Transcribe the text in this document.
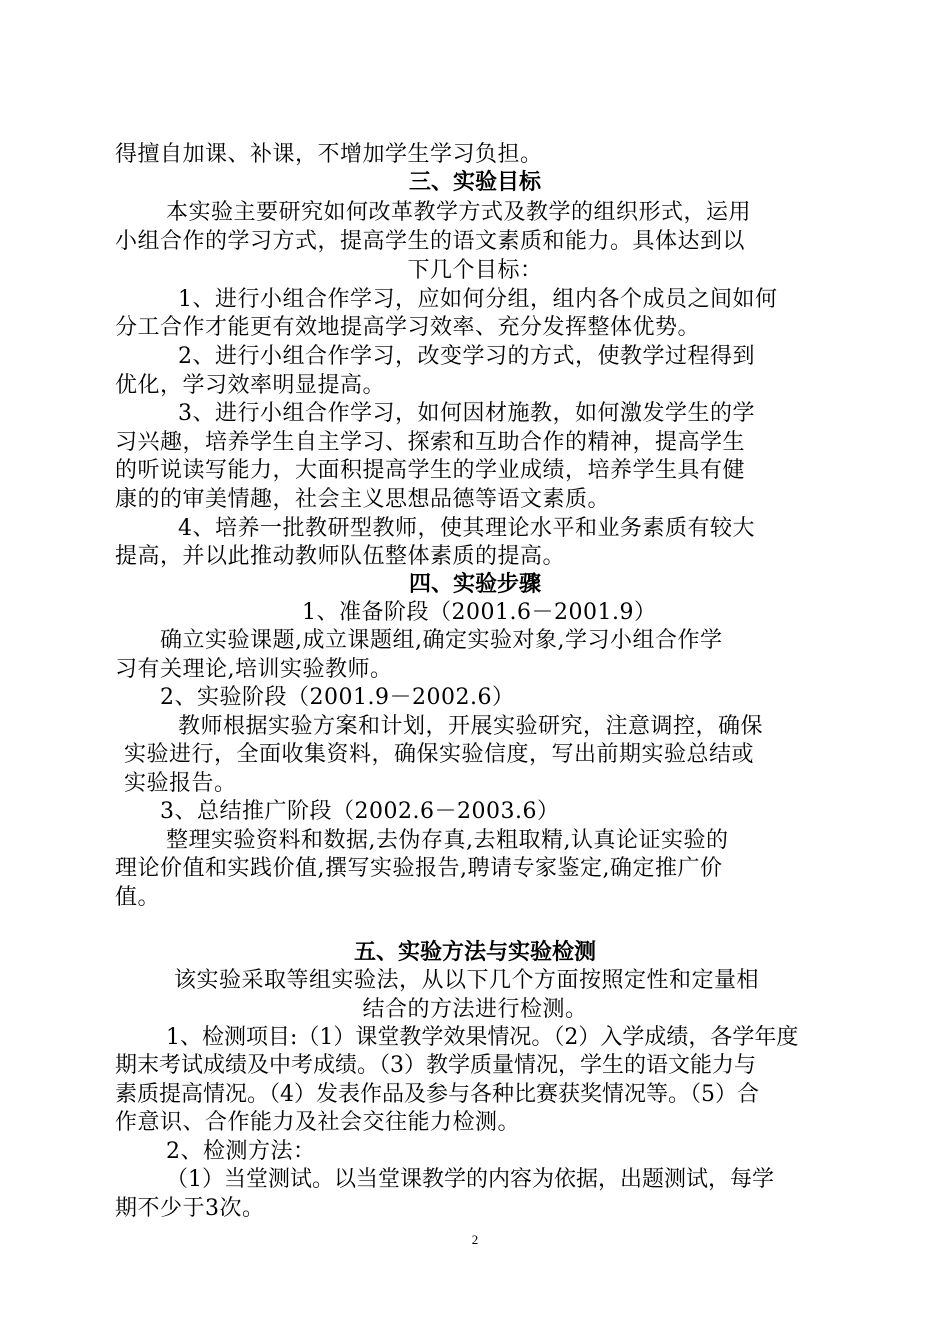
得擅自加课、补课，不增加学生学习负担。
三、实验目标
本实验主要研究如何改革教学方式及教学的组织形式，运用
小组合作的学习方式，提高学生的语文素质和能力。具体达到以
下几个目标：
1、进行小组合作学习，应如何分组，组内各个成员之间如何
分工合作才能更有效地提高学习效率、充分发挥整体优势。
2、进行小组合作学习，改变学习的方式，使教学过程得到
优化，学习效率明显提高。
3、进行小组合作学习，如何因材施教，如何激发学生的学
习兴趣，培养学生自主学习、探索和互助合作的精神，提高学生
的听说读写能力，大面积提高学生的学业成绩，培养学生具有健
康的的审美情趣，社会主义思想品德等语文素质。
4、培养一批教研型教师，使其理论水平和业务素质有较大
提高，并以此推动教师队伍整体素质的提高。
四、实验步骤
1、准备阶段（2001.6－2001.9）
确立实验课题,成立课题组,确定实验对象,学习小组合作学
习有关理论,培训实验教师。
2、实验阶段（2001.9－2002.6）
教师根据实验方案和计划，开展实验研究，注意调控，确保
实验进行，全面收集资料，确保实验信度，写出前期实验总结或
实验报告。
3、总结推广阶段（2002.6－2003.6）
整理实验资料和数据,去伪存真,去粗取精,认真论证实验的
理论价值和实践价值,撰写实验报告,聘请专家鉴定,确定推广价
值。
五、实验方法与实验检测
该实验采取等组实验法，从以下几个方面按照定性和定量相
结合的方法进行检测。
1、检测项目:（1）课堂教学效果情况。（2）入学成绩，各学年度
期末考试成绩及中考成绩。（3）教学质量情况，学生的语文能力与
素质提高情况。（4）发表作品及参与各种比赛获奖情况等。（5）合
作意识、合作能力及社会交往能力检测。
2、检测方法：
（1）当堂测试。以当堂课教学的内容为依据，出题测试，每学
期不少于3次。
2
